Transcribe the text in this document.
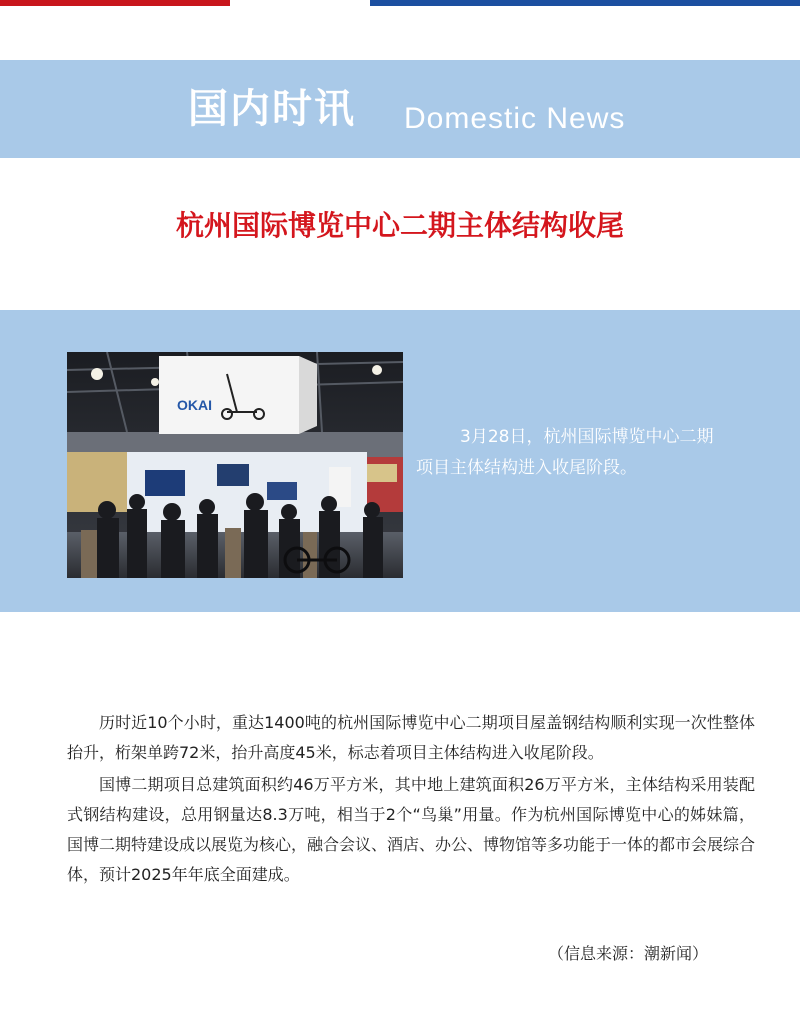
国内时讯 Domestic News
杭州国际博览中心二期主体结构收尾
OKAI

3月28日，杭州国际博览中心二期

项目主体结构进入收尾阶段。

历时近10个小时，重达1400吨的杭州国际博览中心二期项目屋盖钢结构顺利实现一次性整体抬升，桁架单跨72米，抬升高度45米，标志着项目主体结构进入收尾阶段。

国博二期项目总建筑面积约46万平方米，其中地上建筑面积26万平方米，主体结构采用装配式钢结构建设，总用钢量达8.3万吨，相当于2个“鸟巢”用量。作为杭州国际博览中心的姊妹篇，国博二期特建设成以展览为核心，融合会议、酒店、办公、博物馆等多功能于一体的都市会展综合体，预计2025年年底全面建成。

（信息来源：潮新闻）
